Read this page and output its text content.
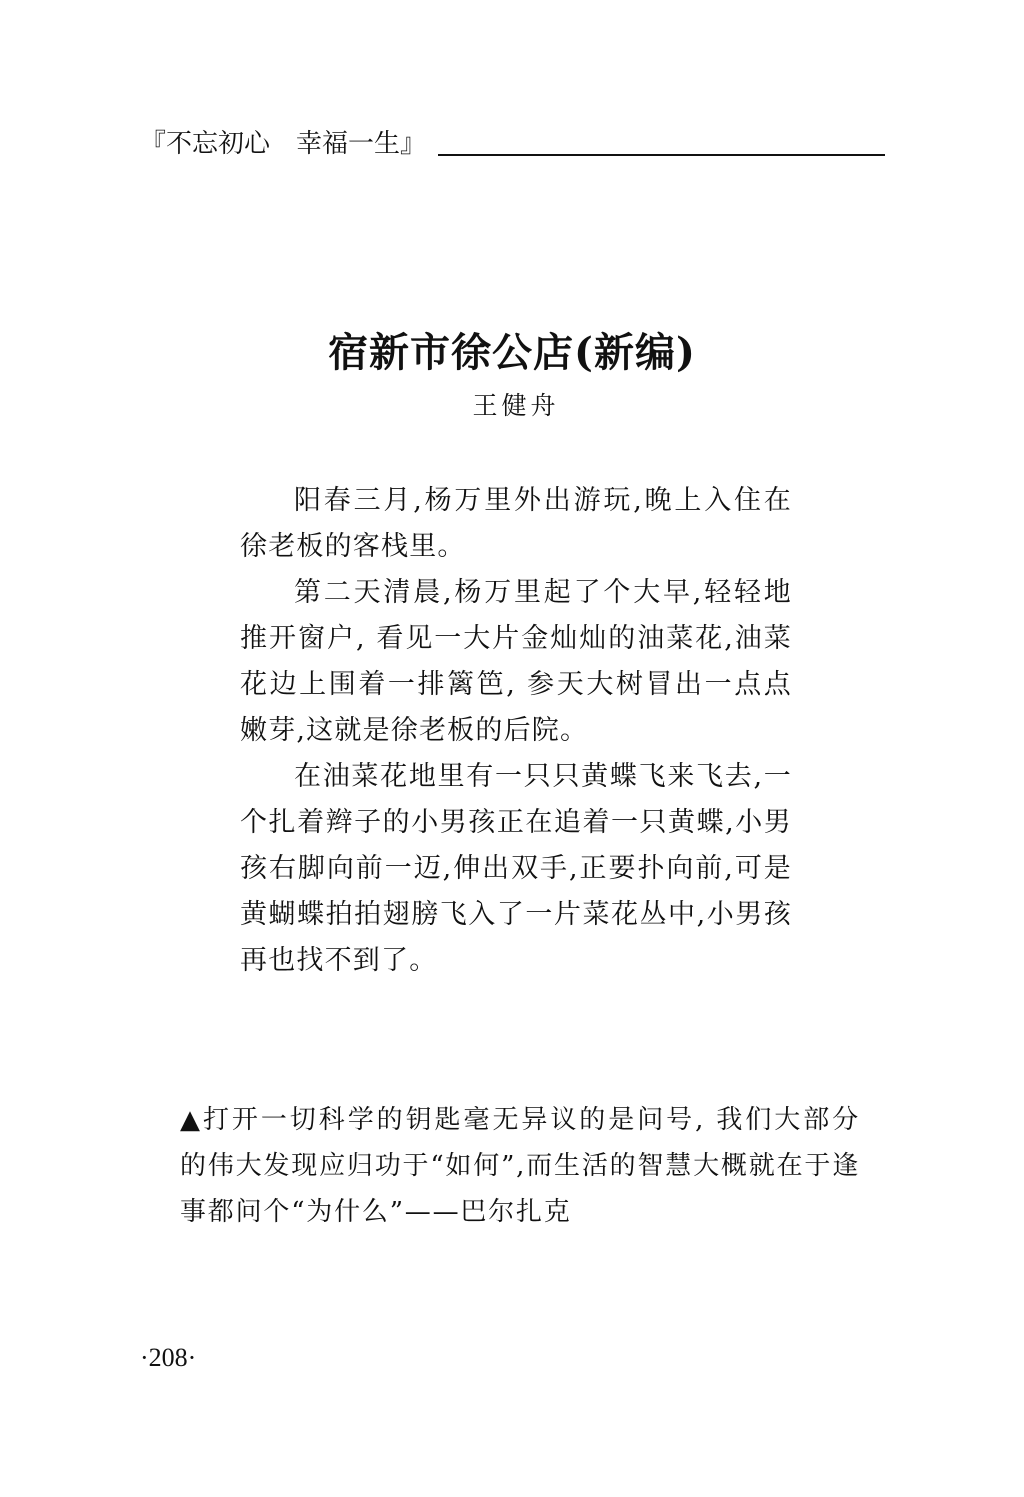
『不忘初心　幸福一生』
宿新市徐公店(新编)
王健舟

阳春三月,杨万里外出游玩,晚上入住在徐老板的客栈里。

第二天清晨,杨万里起了个大早,轻轻地推开窗户, 看见一大片金灿灿的油菜花,油菜花边上围着一排篱笆, 参天大树冒出一点点嫩芽,这就是徐老板的后院。

在油菜花地里有一只只黄蝶飞来飞去,一个扎着辫子的小男孩正在追着一只黄蝶,小男孩右脚向前一迈,伸出双手,正要扑向前,可是黄蝴蝶拍拍翅膀飞入了一片菜花丛中,小男孩再也找不到了。

▲打开一切科学的钥匙毫无异议的是问号, 我们大部分的伟大发现应归功于“如何”,而生活的智慧大概就在于逢事都问个“为什么”——巴尔扎克

·208·
